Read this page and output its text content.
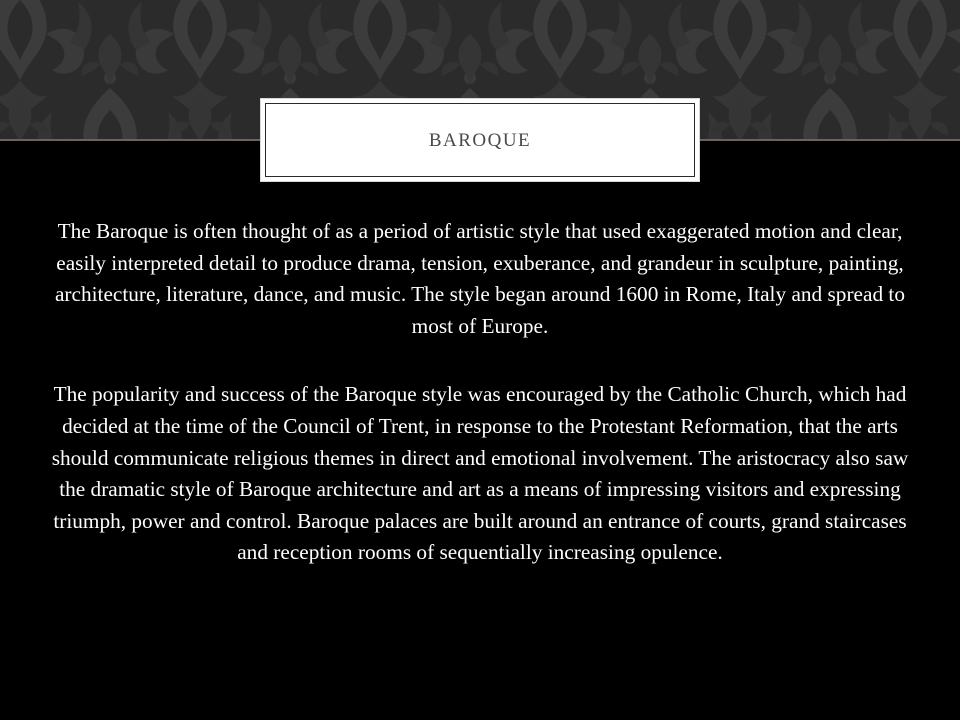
BAROQUE

The Baroque is often thought of as a period of artistic style that used exaggerated motion and clear, easily interpreted detail to produce drama, tension, exuberance, and grandeur in sculpture, painting, architecture, literature, dance, and music. The style began around 1600 in Rome, Italy and spread to most of Europe.

The popularity and success of the Baroque style was encouraged by the Catholic Church, which had decided at the time of the Council of Trent, in response to the Protestant Reformation, that the arts should communicate religious themes in direct and emotional involvement. The aristocracy also saw the dramatic style of Baroque architecture and art as a means of impressing visitors and expressing triumph, power and control. Baroque palaces are built around an entrance of courts, grand staircases and reception rooms of sequentially increasing opulence.
